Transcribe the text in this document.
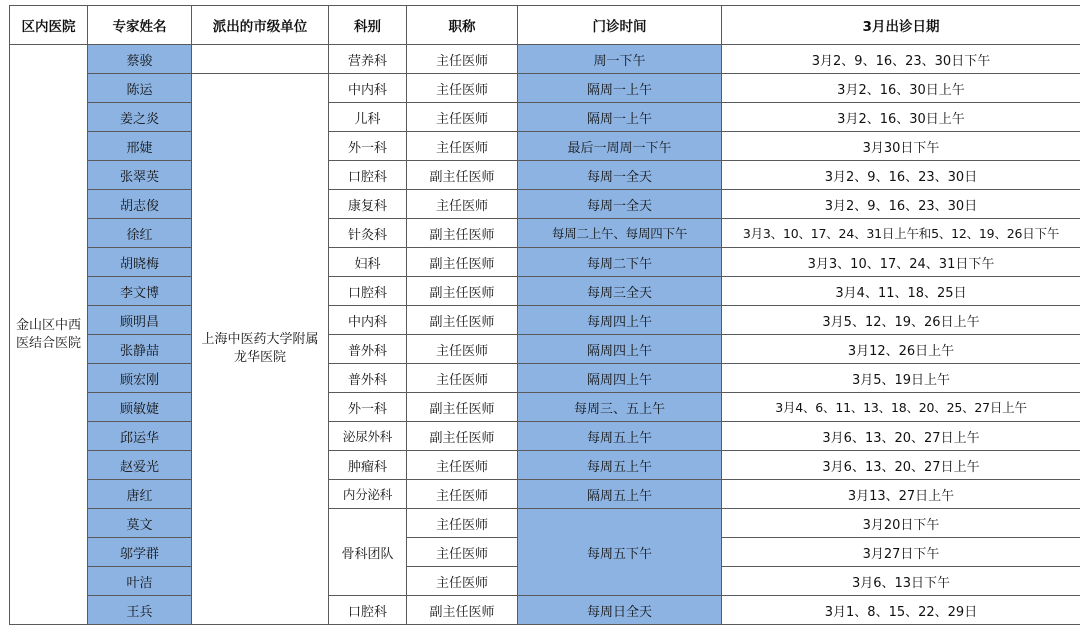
区内医院	专家姓名	派出的市级单位	科别	职称	门诊时间	3月出诊日期
金山区中西医结合医院	蔡骏		营养科	主任医师	周一下午	3月2、9、16、23、30日下午
	陈运	上海中医药大学附属龙华医院	中内科	主任医师	隔周一上午	3月2、16、30日上午
	姜之炎		儿科	主任医师	隔周一上午	3月2、16、30日上午
	邢婕		外一科	主任医师	最后一周周一下午	3月30日下午
	张翠英		口腔科	副主任医师	每周一全天	3月2、9、16、23、30日
	胡志俊		康复科	主任医师	每周一全天	3月2、9、16、23、30日
	徐红		针灸科	副主任医师	每周二上午、每周四下午	3月3、10、17、24、31日上午和5、12、19、26日下午
	胡晓梅		妇科	副主任医师	每周二下午	3月3、10、17、24、31日下午
	李文博		口腔科	副主任医师	每周三全天	3月4、11、18、25日
	顾明昌		中内科	副主任医师	每周四上午	3月5、12、19、26日上午
	张静喆		普外科	主任医师	隔周四上午	3月12、26日上午
	顾宏刚		普外科	主任医师	隔周四上午	3月5、19日上午
	顾敏婕		外一科	副主任医师	每周三、五上午	3月4、6、11、13、18、20、25、27日上午
	邱运华		泌尿外科	副主任医师	每周五上午	3月6、13、20、27日上午
	赵爱光		肿瘤科	主任医师	每周五上午	3月6、13、20、27日上午
	唐红		内分泌科	主任医师	隔周五上午	3月13、27日上午
	莫文		骨科团队	主任医师	每周五下午	3月20日下午
	邬学群			主任医师		3月27日下午
	叶洁			主任医师		3月6、13日下午
	王兵		口腔科	副主任医师	每周日全天	3月1、8、15、22、29日
